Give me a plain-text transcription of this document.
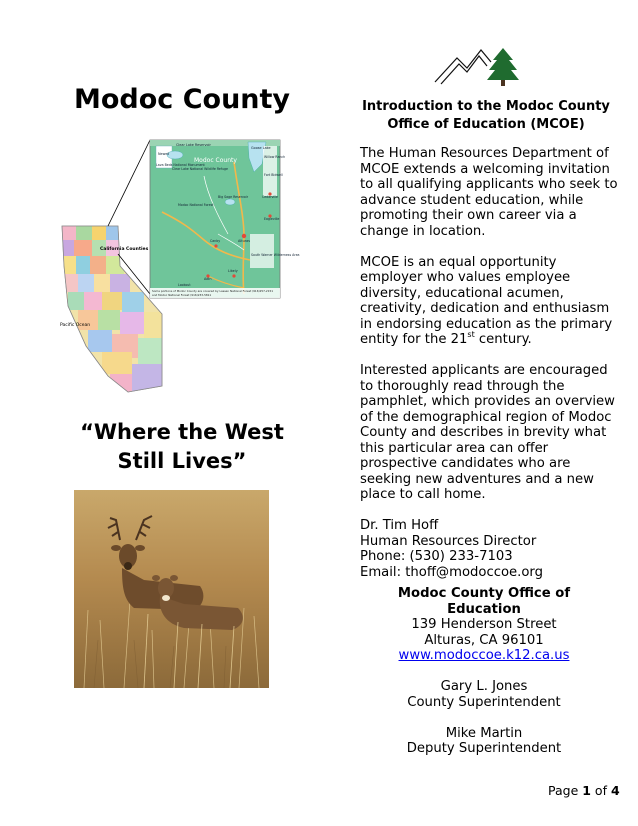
Modoc County
California Counties
Pacific Ocean
Modoc County
Newell
Clear Lake Reservoir
Goose Lake
Lava Beds National Monument
Clear Lake National Wildlife Refuge
Willow Ranch
Fort Bidwell
Cedarville
Big Sage Reservoir
Alturas
Likely
Adin
Eagleville
South Warner Wilderness Area
Modoc National Forest
Canby
Lookout
Some portions of Modoc County are covered by Lassen National Forest (916)257-2151
and Modoc National Forest (916)233-5811
“Where the West Still Lives”
Introduction to the Modoc County Office of Education (MCOE)

The Human Resources Department of MCOE extends a welcoming invitation to all qualifying applicants who seek to advance student education, while promoting their own career via a change in location.

MCOE is an equal opportunity employer who values employee diversity, educational acumen, creativity, dedication and enthusiasm in endorsing education as the primary entity for the 21st century.

Interested applicants are encouraged to thoroughly read through the pamphlet, which provides an overview of the demographical region of Modoc County and describes in brevity what this particular area can offer prospective candidates who are seeking new adventures and a new place to call home.

Dr. Tim Hoff
Human Resources Director
Phone: (530) 233-7103
Email: thoff@modoccoe.org
Modoc County Office of Education
139 Henderson Street
Alturas, CA 96101
www.modoccoe.k12.ca.us
Gary L. Jones
County Superintendent
Mike Martin
Deputy Superintendent
Page 1 of 4
